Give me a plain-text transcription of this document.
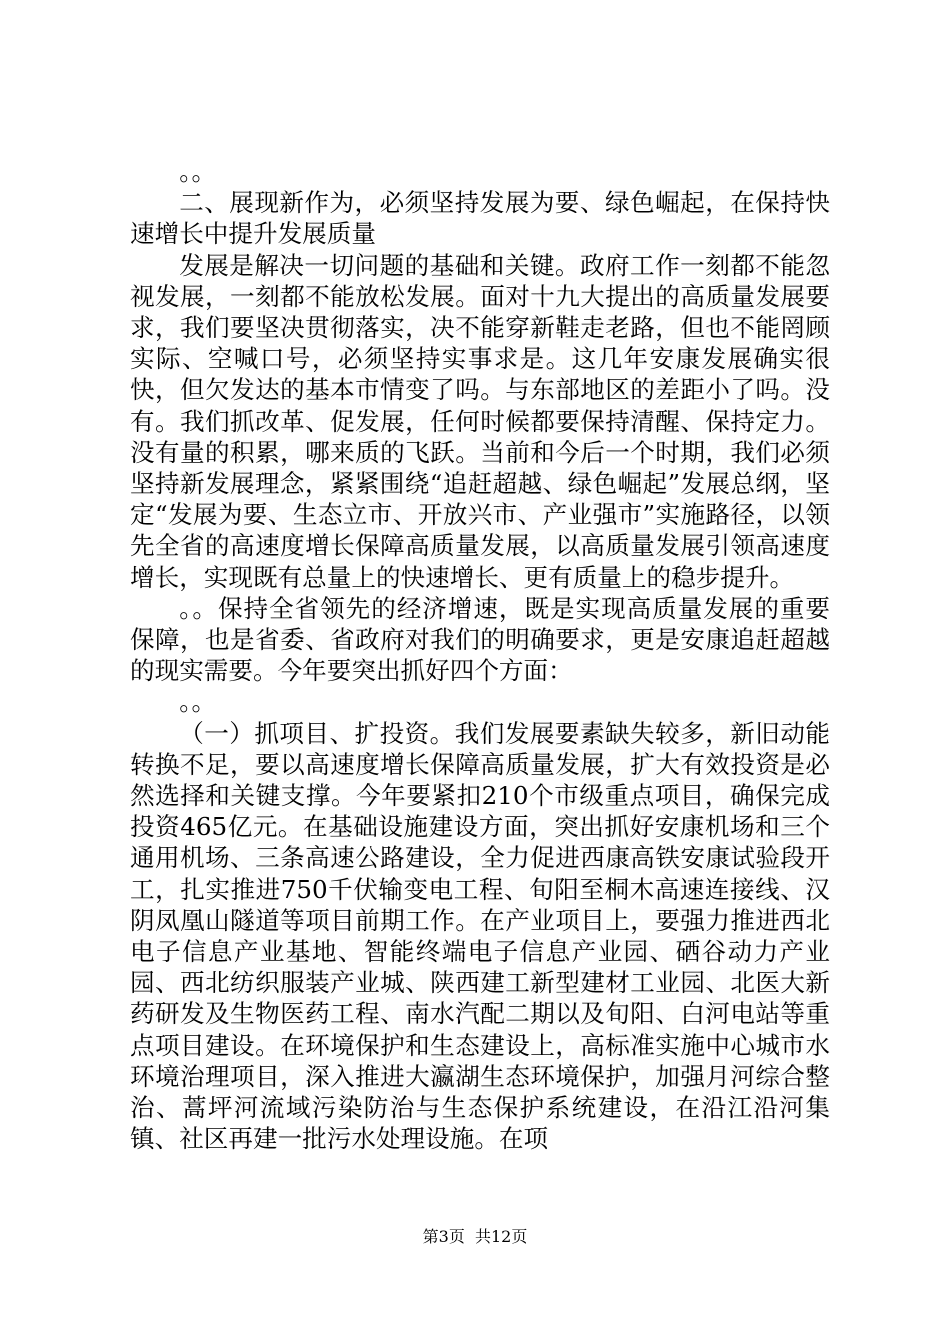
。。

二、展现新作为，必须坚持发展为要、绿色崛起，在保持快速增长中提升发展质量

发展是解决一切问题的基础和关键。政府工作一刻都不能忽视发展，一刻都不能放松发展。面对十九大提出的高质量发展要求，我们要坚决贯彻落实，决不能穿新鞋走老路，但也不能罔顾实际、空喊口号，必须坚持实事求是。这几年安康发展确实很快，但欠发达的基本市情变了吗。与东部地区的差距小了吗。没有。我们抓改革、促发展，任何时候都要保持清醒、保持定力。没有量的积累，哪来质的飞跃。当前和今后一个时期，我们必须坚持新发展理念，紧紧围绕“追赶超越、绿色崛起”发展总纲，坚定“发展为要、生态立市、开放兴市、产业强市”实施路径，以领先全省的高速度增长保障高质量发展，以高质量发展引领高速度增长，实现既有总量上的快速增长、更有质量上的稳步提升。

。。保持全省领先的经济增速，既是实现高质量发展的重要保障，也是省委、省政府对我们的明确要求，更是安康追赶超越的现实需要。今年要突出抓好四个方面：

。。

（一）抓项目、扩投资。我们发展要素缺失较多，新旧动能转换不足，要以高速度增长保障高质量发展，扩大有效投资是必然选择和关键支撑。今年要紧扣210个市级重点项目，确保完成投资465亿元。在基础设施建设方面，突出抓好安康机场和三个通用机场、三条高速公路建设，全力促进西康高铁安康试验段开工，扎实推进750千伏输变电工程、旬阳至桐木高速连接线、汉阴凤凰山隧道等项目前期工作。在产业项目上，要强力推进西北电子信息产业基地、智能终端电子信息产业园、硒谷动力产业园、西北纺织服装产业城、陕西建工新型建材工业园、北医大新药研发及生物医药工程、南水汽配二期以及旬阳、白河电站等重点项目建设。在环境保护和生态建设上，高标准实施中心城市水环境治理项目，深入推进大瀛湖生态环境保护，加强月河综合整治、蒿坪河流域污染防治与生态保护系统建设，在沿江沿河集镇、社区再建一批污水处理设施。在项

第3页  共12页
